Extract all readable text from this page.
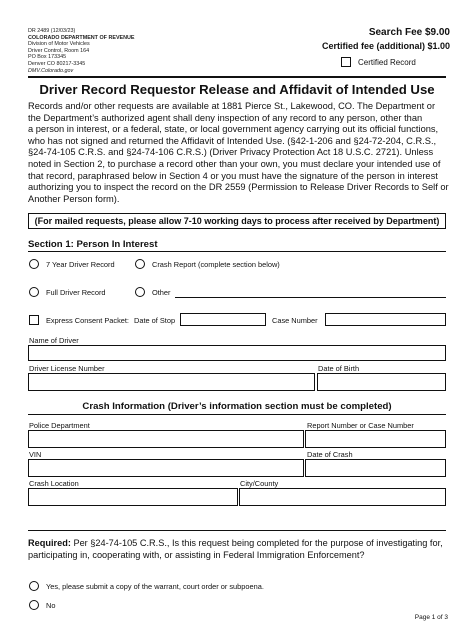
DR 2489 (12/03/23)
COLORADO DEPARTMENT OF REVENUE
Division of Motor Vehicles
Driver Control, Room 164
PO Box 173345
Denver CO 80217-3345
DMV.Colorado.gov
Search Fee $9.00
Certified fee (additional) $1.00
Certified Record
Driver Record Requestor Release and Affidavit of Intended Use
Records and/or other requests are available at 1881 Pierce St., Lakewood, CO. The Department or
the Department’s authorized agent shall deny inspection of any record to any person, other than
a person in interest, or a federal, state, or local government agency carrying out its official functions,
who has not signed and returned the Affidavit of Intended Use. (§42-1-206 and §24-72-204, C.R.S.,
§24-74-105 C.R.S. and §24-74-106 C.R.S.) (Driver Privacy Protection Act 18 U.S.C. 2721). Unless
noted in Section 2, to purchase a record other than your own, you must declare your intended use of
that record, paraphrased below in Section 4 or you must have the signature of the person in interest
authorizing you to inspect the record on the DR 2559 (Permission to Release Driver Records to Self or
Another Person form).
(For mailed requests, please allow 7-10 working days to process after received by Department)
Section 1: Person In Interest
7 Year Driver Record	Crash Report (complete section below)
Full Driver Record	Other
Express Consent Packet: Date of Stop	Case Number
Name of Driver
Driver License Number	Date of Birth
Crash Information (Driver’s information section must be completed)
Police Department	Report Number or Case Number
VIN	Date of Crash
Crash Location	City/County
Required: Per §24-74-105 C.R.S., Is this request being completed for the purpose of investigating for,
participating in, cooperating with, or assisting in Federal Immigration Enforcement?
Yes, please submit a copy of the warrant, court order or subpoena.
No
Page 1 of 3
